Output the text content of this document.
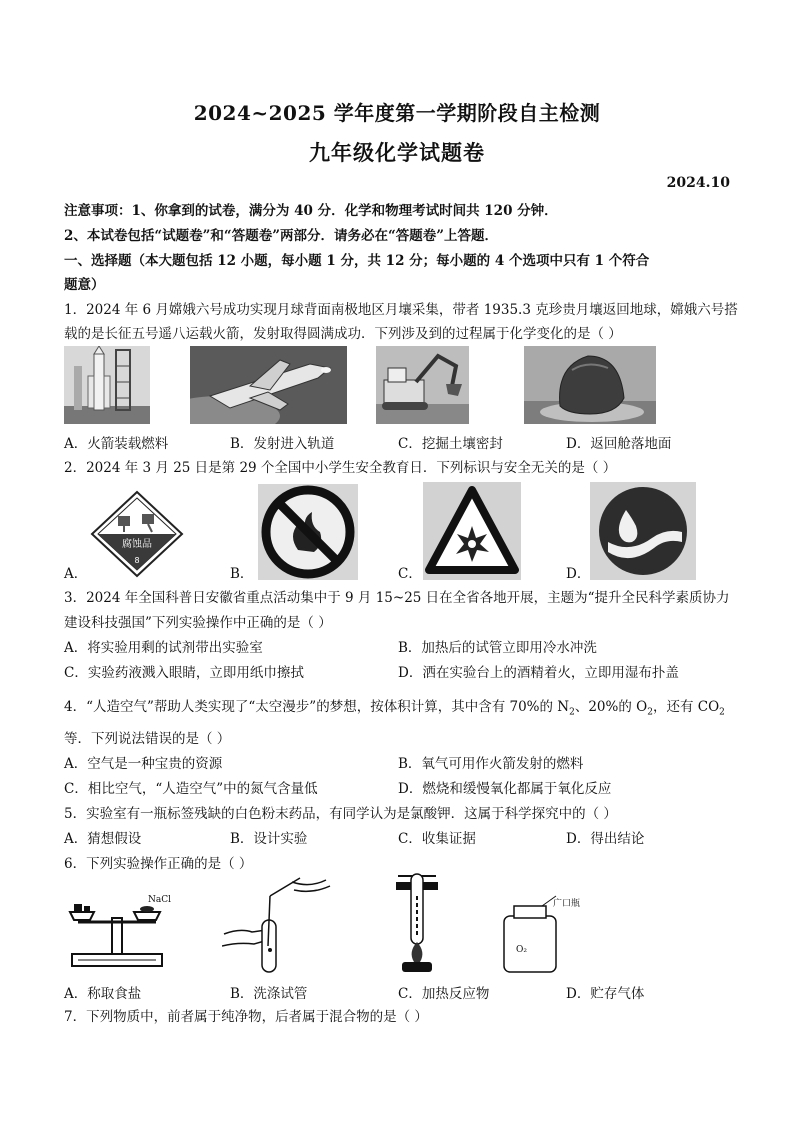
2024~2025 学年度第一学期阶段自主检测
九年级化学试题卷
2024.10
注意事项：1、你拿到的试卷，满分为 40 分．化学和物理考试时间共 120 分钟．
2、本试卷包括“试题卷”和“答题卷”两部分．请务必在“答题卷”上答题．
一、选择题（本大题包括 12 小题，每小题 1 分，共 12 分；每小题的 4 个选项中只有 1 个符合
题意）
1．2024 年 6 月嫦娥六号成功实现月球背面南极地区月壤采集，带者 1935.3 克珍贵月壤返回地球，嫦娥六号搭
载的是长征五号遥八运载火箭，发射取得圆满成功．下列涉及到的过程属于化学变化的是（ ）
A．火箭装载燃料	B．发射进入轨道	C．挖掘土壤密封	D．返回舱落地面
2．2024 年 3 月 25 日是第 29 个全国中小学生安全教育日．下列标识与安全无关的是（ ）
A．
腐蚀品
8
B．	C．	D．
3．2024 年全国科普日安徽省重点活动集中于 9 月 15~25 日在全省各地开展，主题为“提升全民科学素质协力
建设科技强国”下列实验操作中正确的是（ ）
A．将实验用剩的试剂带出实验室	B．加热后的试管立即用冷水冲洗
C．实验药液溅入眼睛，立即用纸巾擦拭	D．洒在实验台上的酒精着火，立即用湿布扑盖
4．“人造空气”帮助人类实现了“太空漫步”的梦想，按体积计算，其中含有 70%的 $N_2$、20%的 $O_2$，还有 $CO_2$
等．下列说法错误的是（ ）
A．空气是一种宝贵的资源	B．氧气可用作火箭发射的燃料
C．相比空气，“人造空气”中的氮气含量低	D．燃烧和缓慢氧化都属于氧化反应
5．实验室有一瓶标签残缺的白色粉末药品，有同学认为是氯酸钾．这属于科学探究中的（ ）
A．猜想假设	B．设计实验	C．收集证据	D．得出结论
6．下列实验操作正确的是（ ）
NaCl	广口瓶
O₂
A．称取食盐	B．洗涤试管	C．加热反应物	D．贮存气体
7．下列物质中，前者属于纯净物，后者属于混合物的是（ ）
